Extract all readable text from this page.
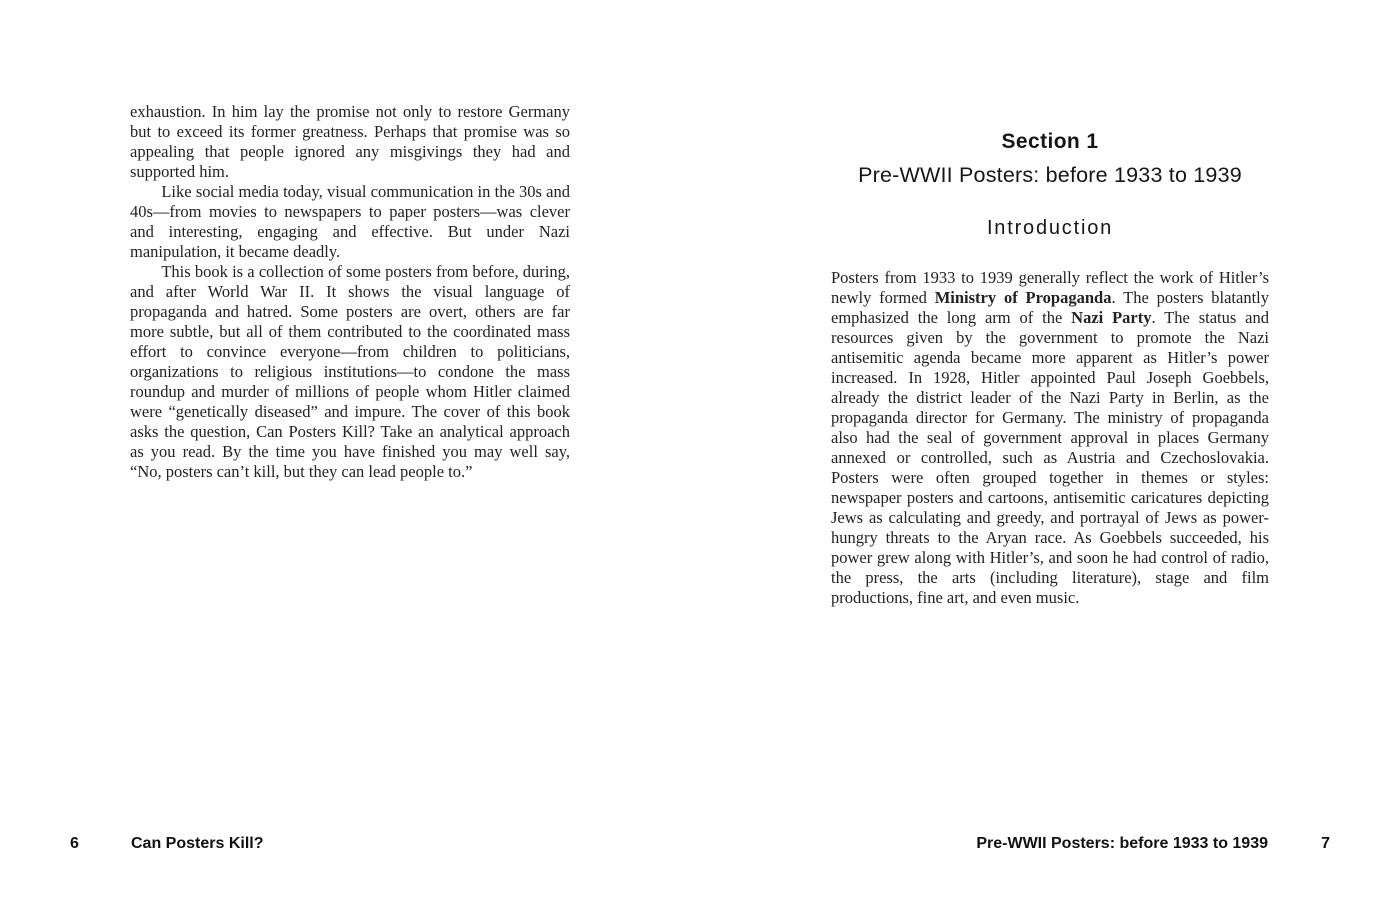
exhaustion. In him lay the promise not only to restore Germany but to exceed its former greatness. Perhaps that promise was so appealing that people ignored any misgivings they had and supported him.

Like social media today, visual communication in the 30s and 40s—from movies to newspapers to paper posters—was clever and interesting, engaging and effective. But under Nazi manipulation, it became deadly.

This book is a collection of some posters from before, during, and after World War II. It shows the visual language of propaganda and hatred. Some posters are overt, others are far more subtle, but all of them contributed to the coordinated mass effort to convince everyone—from children to politicians, organizations to religious institutions—to condone the mass roundup and murder of millions of people whom Hitler claimed were “genetically diseased” and impure. The cover of this book asks the question, Can Posters Kill? Take an analytical approach as you read. By the time you have finished you may well say, “No, posters can’t kill, but they can lead people to.”

Section 1
Pre-WWII Posters: before 1933 to 1939
Introduction

Posters from 1933 to 1939 generally reflect the work of Hitler’s newly formed Ministry of Propaganda. The posters blatantly emphasized the long arm of the Nazi Party. The status and resources given by the government to promote the Nazi antisemitic agenda became more apparent as Hitler’s power increased. In 1928, Hitler appointed Paul Joseph Goebbels, already the district leader of the Nazi Party in Berlin, as the propaganda director for Germany. The ministry of propaganda also had the seal of government approval in places Germany annexed or controlled, such as Austria and Czechoslovakia. Posters were often grouped together in themes or styles: newspaper posters and cartoons, antisemitic caricatures depicting Jews as calculating and greedy, and portrayal of Jews as power-hungry threats to the Aryan race. As Goebbels succeeded, his power grew along with Hitler’s, and soon he had control of radio, the press, the arts (including literature), stage and film productions, fine art, and even music.

6	Can Posters Kill?	Pre-WWII Posters: before 1933 to 1939	7
